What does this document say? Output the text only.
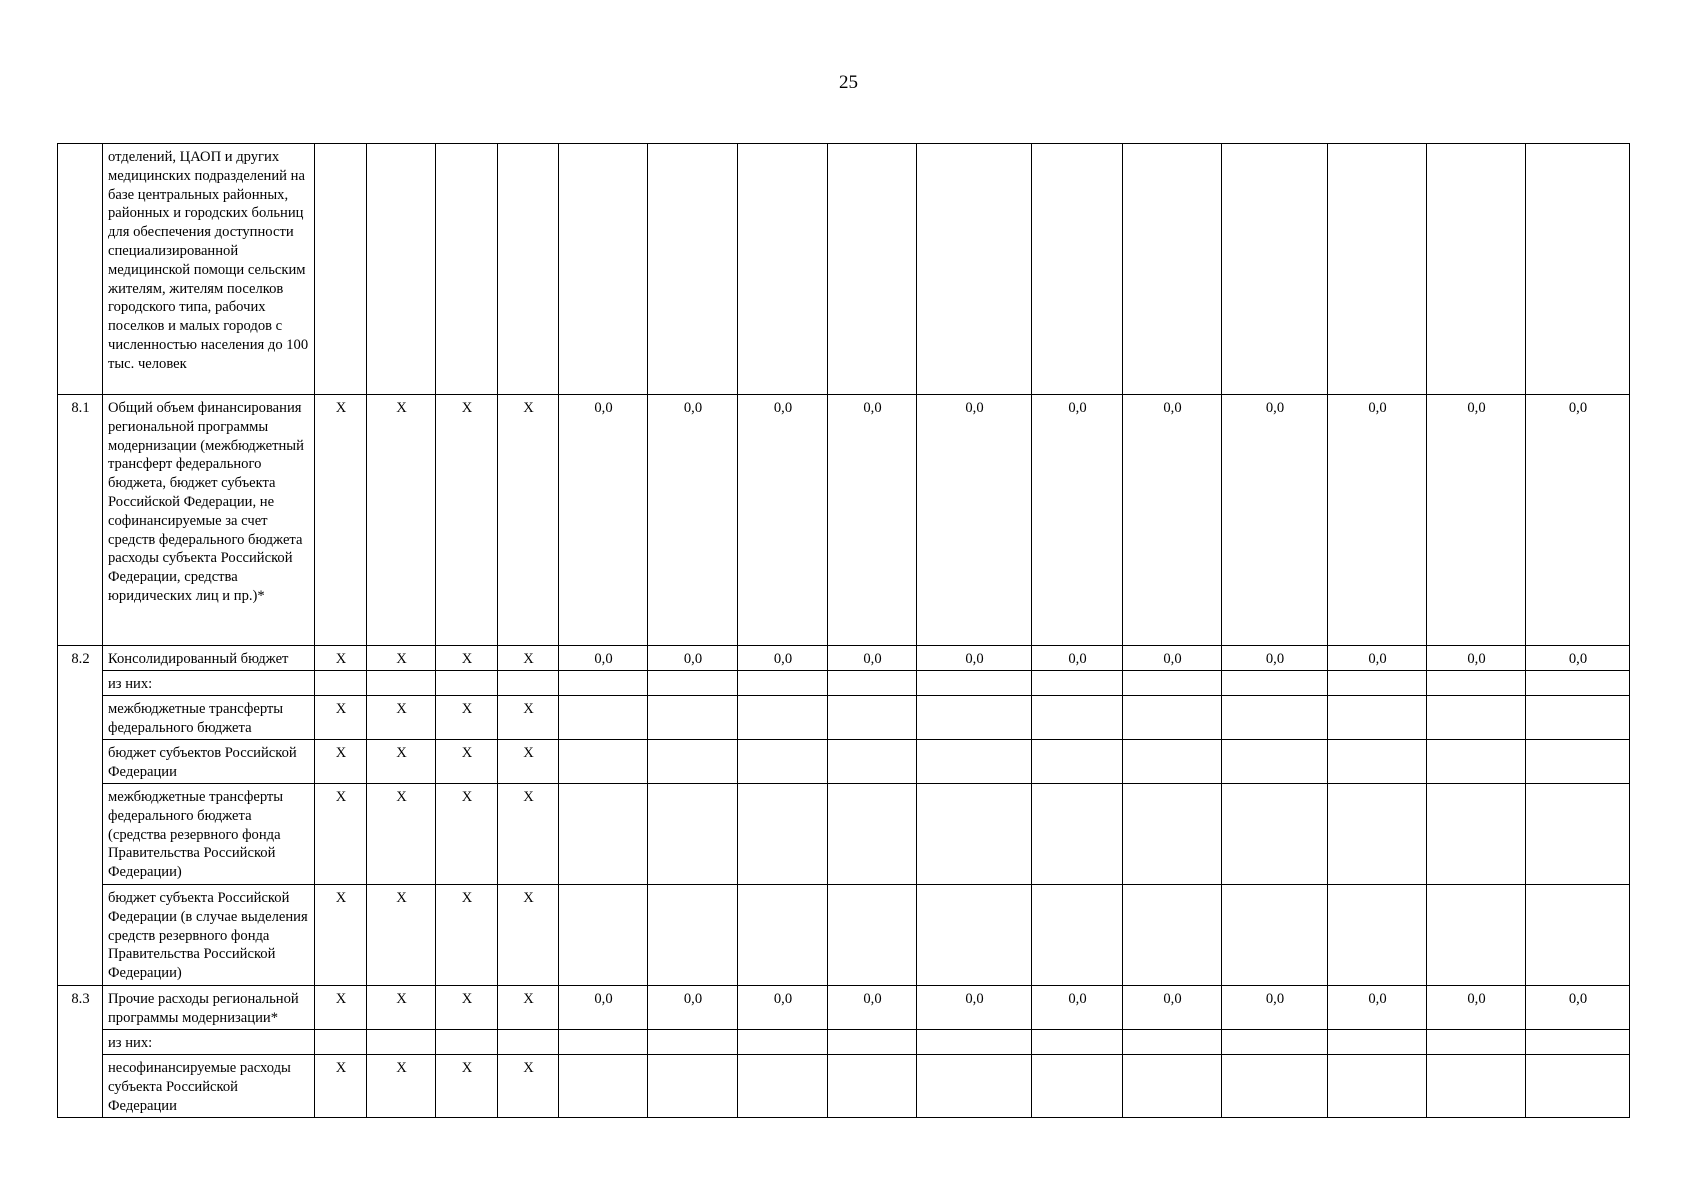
25
	отделений, ЦАОП и других медицинских подразделений на базе центральных районных, районных и городских больниц для обеспечения доступности специализированной медицинской помощи сельским жителям, жителям поселков городского типа, рабочих поселков и малых городов с численностью населения до 100 тыс. человек															
8.1	Общий объем финансирования региональной программы модернизации (межбюджетный трансферт федерального бюджета, бюджет субъекта Российской Федерации, не софинансируемые за счет средств федерального бюджета расходы субъекта Российской Федерации, средства юридических лиц и пр.)*	X	X	X	X	0,0	0,0	0,0	0,0	0,0	0,0	0,0	0,0	0,0	0,0	0,0
8.2	Консолидированный бюджет	X	X	X	X	0,0	0,0	0,0	0,0	0,0	0,0	0,0	0,0	0,0	0,0	0,0
	из них:															
	межбюджетные трансферты федерального бюджета	X	X	X	X											
	бюджет субъектов Российской Федерации	X	X	X	X											
	межбюджетные трансферты федерального бюджета (средства резервного фонда Правительства Российской Федерации)	X	X	X	X											
	бюджет субъекта Российской Федерации (в случае выделения средств резервного фонда Правительства Российской Федерации)	X	X	X	X											
8.3	Прочие расходы региональной программы модернизации*	X	X	X	X	0,0	0,0	0,0	0,0	0,0	0,0	0,0	0,0	0,0	0,0	0,0
	из них:															
	несофинансируемые расходы субъекта Российской Федерации	X	X	X	X											
